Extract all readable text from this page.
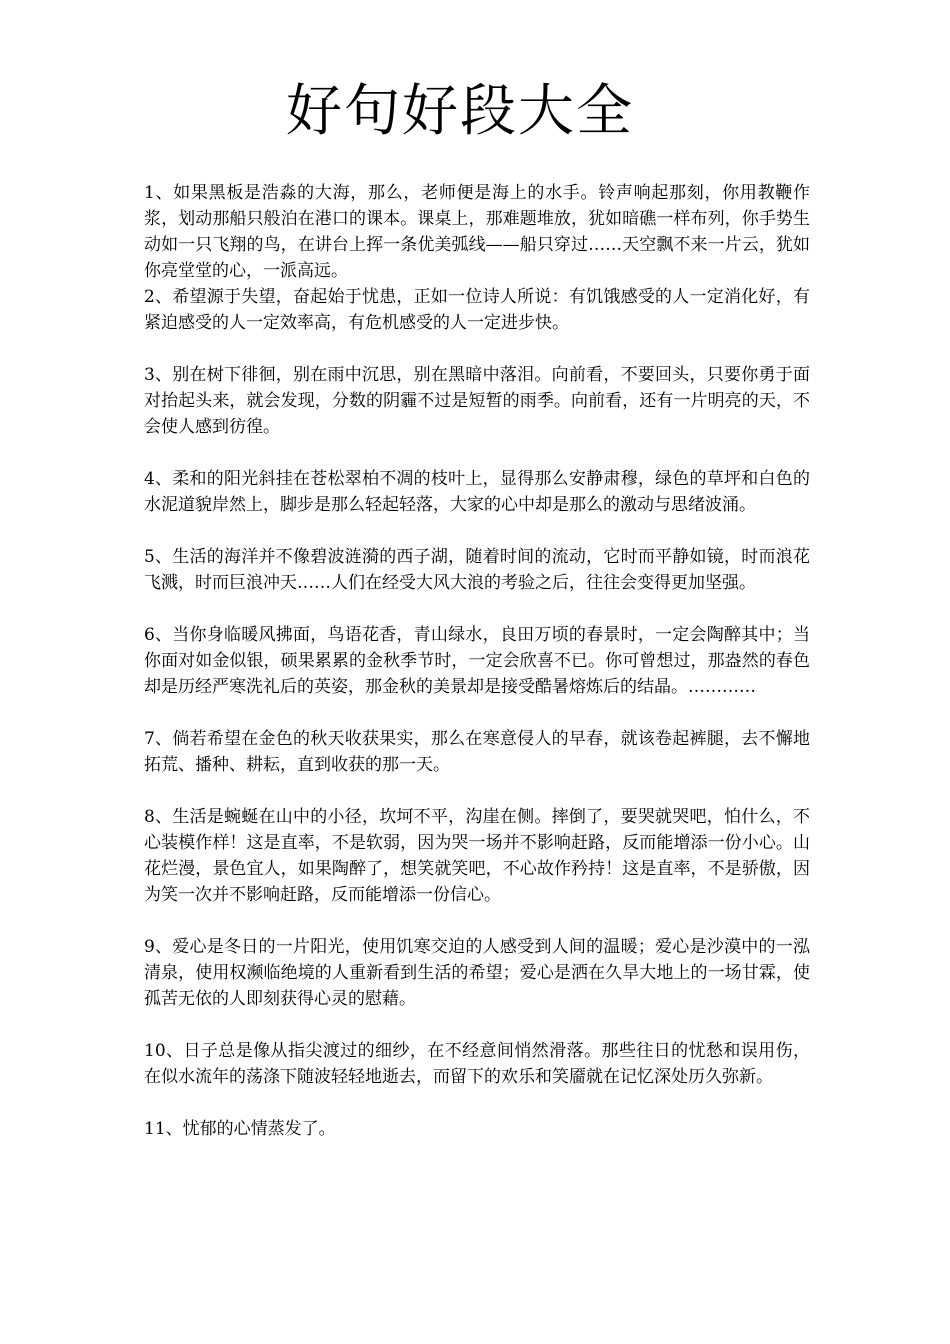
好句好段大全

1、如果黑板是浩淼的大海，那么，老师便是海上的水手。铃声响起那刻，你用教鞭作浆，划动那船只般泊在港口的课本。课桌上，那难题堆放，犹如暗礁一样布列，你手势生动如一只飞翔的鸟，在讲台上挥一条优美弧线——船只穿过……天空飘不来一片云，犹如你亮堂堂的心，一派高远。

2、希望源于失望，奋起始于忧患，正如一位诗人所说：有饥饿感受的人一定消化好，有紧迫感受的人一定效率高，有危机感受的人一定进步快。

3、别在树下徘徊，别在雨中沉思，别在黑暗中落泪。向前看，不要回头，只要你勇于面对抬起头来，就会发现，分数的阴霾不过是短暂的雨季。向前看，还有一片明亮的天，不会使人感到彷徨。

4、柔和的阳光斜挂在苍松翠柏不凋的枝叶上，显得那么安静肃穆，绿色的草坪和白色的水泥道貌岸然上，脚步是那么轻起轻落，大家的心中却是那么的激动与思绪波涌。

5、生活的海洋并不像碧波涟漪的西子湖，随着时间的流动，它时而平静如镜，时而浪花飞溅，时而巨浪冲天……人们在经受大风大浪的考验之后，往往会变得更加坚强。

6、当你身临暖风拂面，鸟语花香，青山绿水，良田万顷的春景时，一定会陶醉其中；当你面对如金似银，硕果累累的金秋季节时，一定会欣喜不已。你可曾想过，那盎然的春色却是历经严寒洗礼后的英姿，那金秋的美景却是接受酷暑熔炼后的结晶。…………

7、倘若希望在金色的秋天收获果实，那么在寒意侵人的早春，就该卷起裤腿，去不懈地拓荒、播种、耕耘，直到收获的那一天。

8、生活是蜿蜒在山中的小径，坎坷不平，沟崖在侧。摔倒了，要哭就哭吧，怕什么，不心装模作样！这是直率，不是软弱，因为哭一场并不影响赶路，反而能增添一份小心。山花烂漫，景色宜人，如果陶醉了，想笑就笑吧，不心故作矜持！这是直率，不是骄傲，因为笑一次并不影响赶路，反而能增添一份信心。

9、爱心是冬日的一片阳光，使用饥寒交迫的人感受到人间的温暖；爱心是沙漠中的一泓清泉，使用权濒临绝境的人重新看到生活的希望；爱心是洒在久旱大地上的一场甘霖，使孤苦无依的人即刻获得心灵的慰藉。

10、日子总是像从指尖渡过的细纱，在不经意间悄然滑落。那些往日的忧愁和误用伤，在似水流年的荡涤下随波轻轻地逝去，而留下的欢乐和笑靥就在记忆深处历久弥新。

11、忧郁的心情蒸发了。
